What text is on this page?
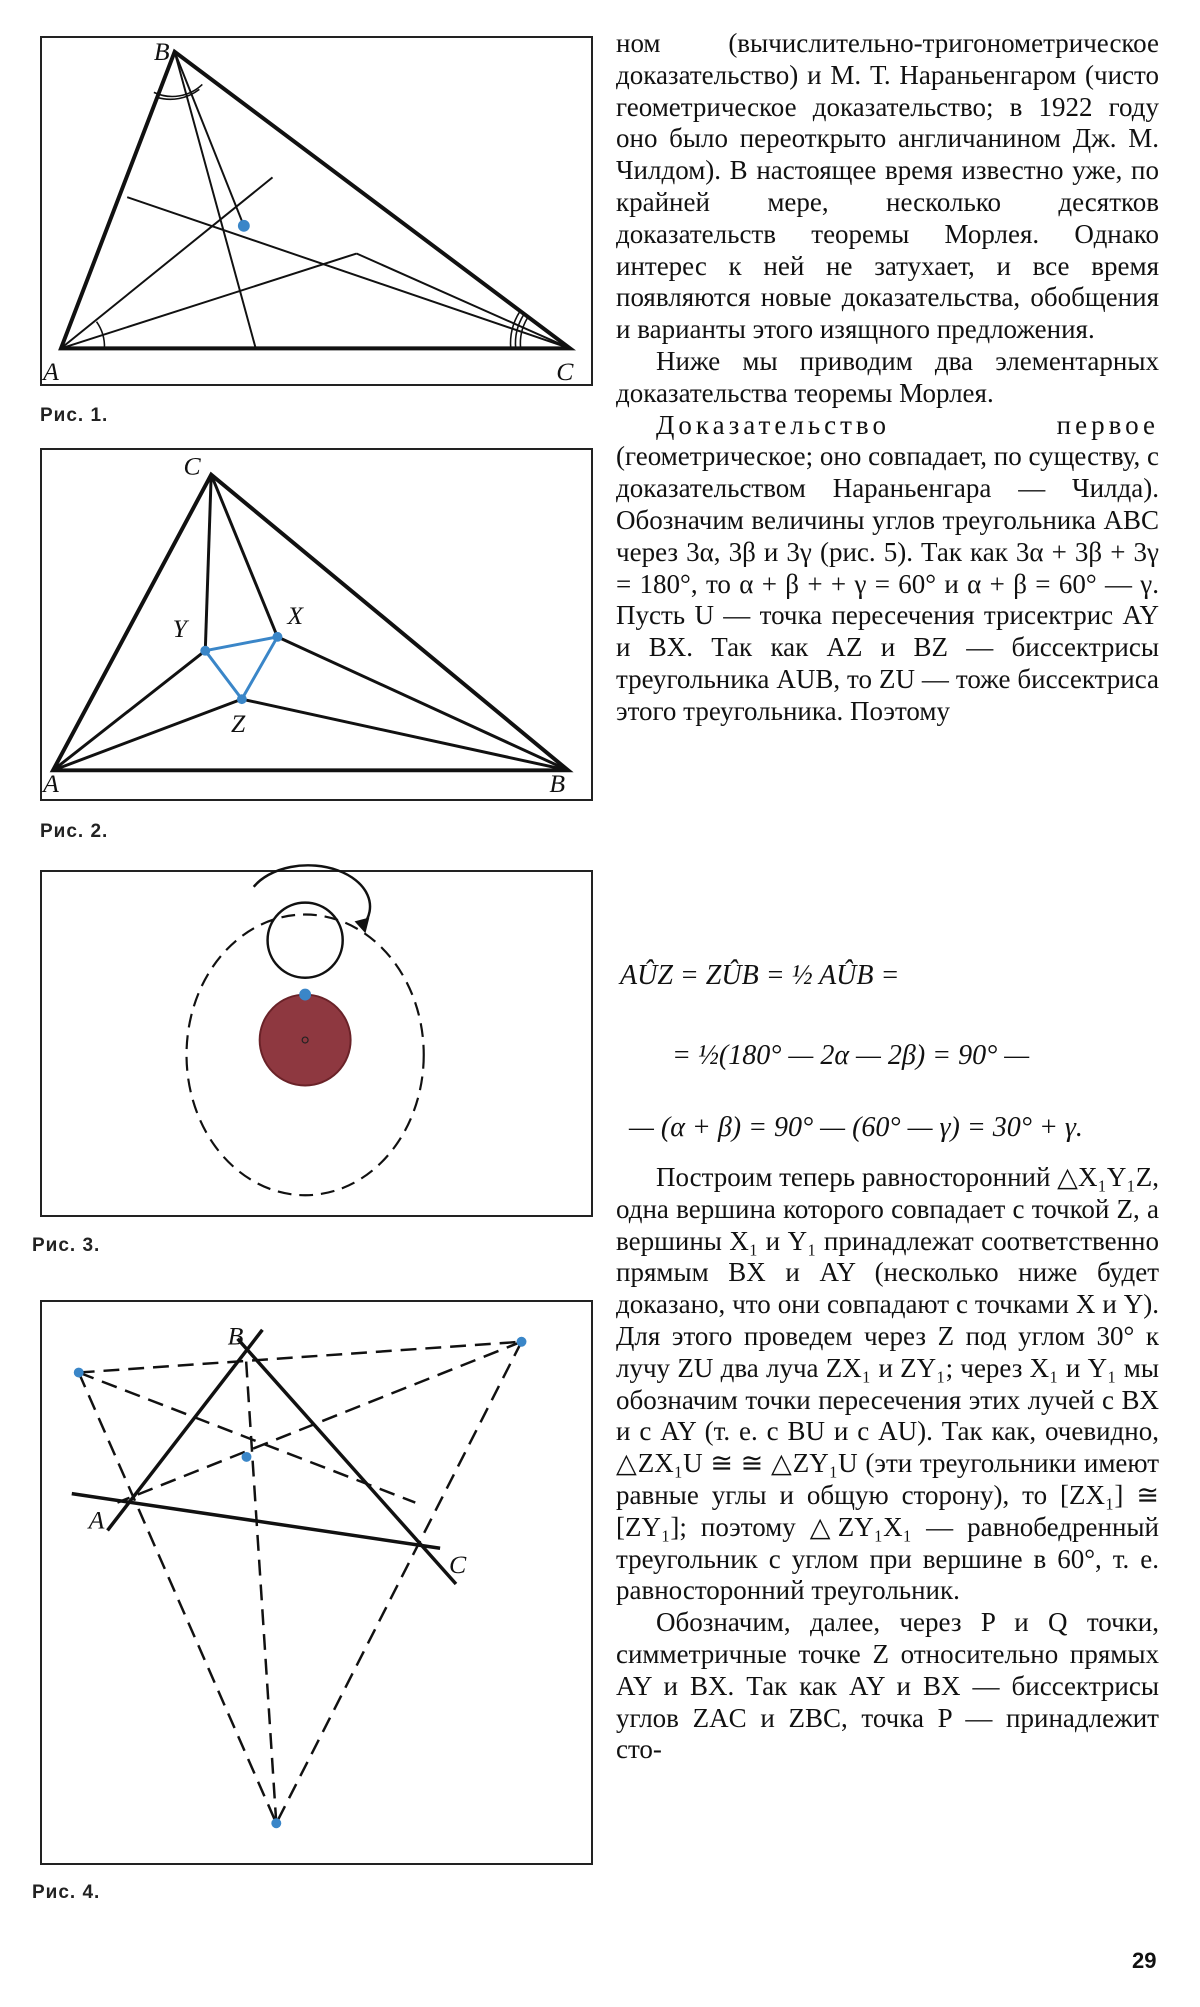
A
B
C
Рис. 1.
A	B
C
X
Y
Z
Рис. 2.
Рис. 3.
A
B
C
Рис. 4.

ном (вычислительно-тригонометрическое доказательство) и М. Т. Нараньенгаром (чисто геометрическое доказательство; в 1922 году оно было переоткрыто англичанином Дж. М. Чилдом). В настоящее время известно уже, по крайней мере, несколько десятков доказательств теоремы Морлея. Однако интерес к ней не затухает, и все время появляются новые доказательства, обобщения и варианты этого изящного предложения.

Ниже мы приводим два элементарных доказательства теоремы Морлея.

Доказательство первое (геометрическое; оно совпадает, по существу, с доказательством Нараньенгара — Чилда). Обозначим величины углов треугольника ABC через 3α, 3β и 3γ (рис. 5). Так как 3α + 3β + 3γ = 180°, то α + β + + γ = 60° и α + β = 60° — γ. Пусть U — точка пересечения трисектрис AY и BX. Так как AZ и BZ — биссектрисы треугольника AUB, то ZU — тоже биссектриса этого треугольника. Поэтому

AÛZ = ZÛB = ½ AÛB =
= ½(180° — 2α — 2β) = 90° —
— (α + β) = 90° — (60° — γ) = 30° + γ.

Построим теперь равносторонний △X₁Y₁Z, одна вершина которого совпадает с точкой Z, а вершины X₁ и Y₁ принадлежат соответственно прямым BX и AY (несколько ниже будет доказано, что они совпадают с точками X и Y). Для этого проведем через Z под углом 30° к лучу ZU два луча ZX₁ и ZY₁; через X₁ и Y₁ мы обозначим точки пересечения этих лучей с BX и с AY (т. е. с BU и с AU). Так как, очевидно, △ZX₁U ≅ ≅ △ZY₁U (эти треугольники имеют равные углы и общую сторону), то [ZX₁] ≅ [ZY₁]; поэтому △ZY₁X₁ — равнобедренный треугольник с углом при вершине в 60°, т. е. равносторонний треугольник.

Обозначим, далее, через P и Q точки, симметричные точке Z относительно прямых AY и BX. Так как AY и BX — биссектрисы углов ZAC и ZBC, точка P — принадлежит сто-

29
